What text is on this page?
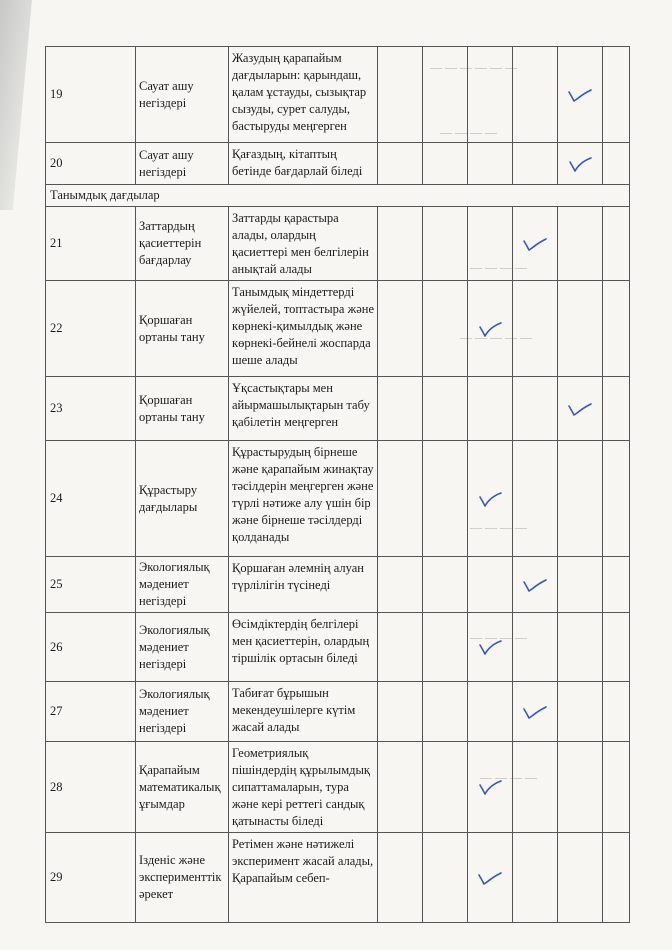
— — — — — —
— — — —
— — — —
— — — — —
— — — —
— — — —
— — — —
19	Сауат ашу негіздері	Жазудың қарапайым дағдыларын: қарындаш, қалам ұстауды, сызықтар сызуды, сурет салуды, бастыруды меңгерген					

20	Сауат ашу негіздері	Қағаздың, кітаптың бетінде бағдарлай біледі					

Танымдық дағдылар								
21	Заттардың қасиеттерін бағдарлау	Заттарды қарастыра алады, олардың қасиеттері мен белгілерін анықтай алады				

22	Қоршаған ортаны тану	Танымдық міндеттерді жүйелей, топтастыра және көрнекі-қимылдық және көрнекі-бейнелі жоспарда шеше алады			

23	Қоршаған ортаны тану	Ұқсастықтары мен айырмашылықтарын табу қабілетін меңгерген					

24	Құрастыру дағдылары	Құрастырудың бірнеше және қарапайым жинақтау тәсілдерін меңгерген және түрлі нәтиже алу үшін бір және бірнеше тәсілдерді қолданады			

25	Экологиялық мәдениет негіздері	Қоршаған әлемнің алуан түрлілігін түсінеді				

26	Экологиялық мәдениет негіздері	Өсімдіктердің белгілері мен қасиеттерін, олардың тіршілік ортасын біледі			

27	Экологиялық мәдениет негіздері	Табиғат бұрышын мекендеушілерге күтім жасай алады				

28	Қарапайым математикалық ұғымдар	Геометриялық пішіндердің құрылымдық сипаттамаларын, тура және кері реттегі сандық қатынасты біледі			

29	Ізденіс және эксперименттік әрекет	Ретімен және нәтижелі эксперимент жасай алады, Қарапайым себеп-			
